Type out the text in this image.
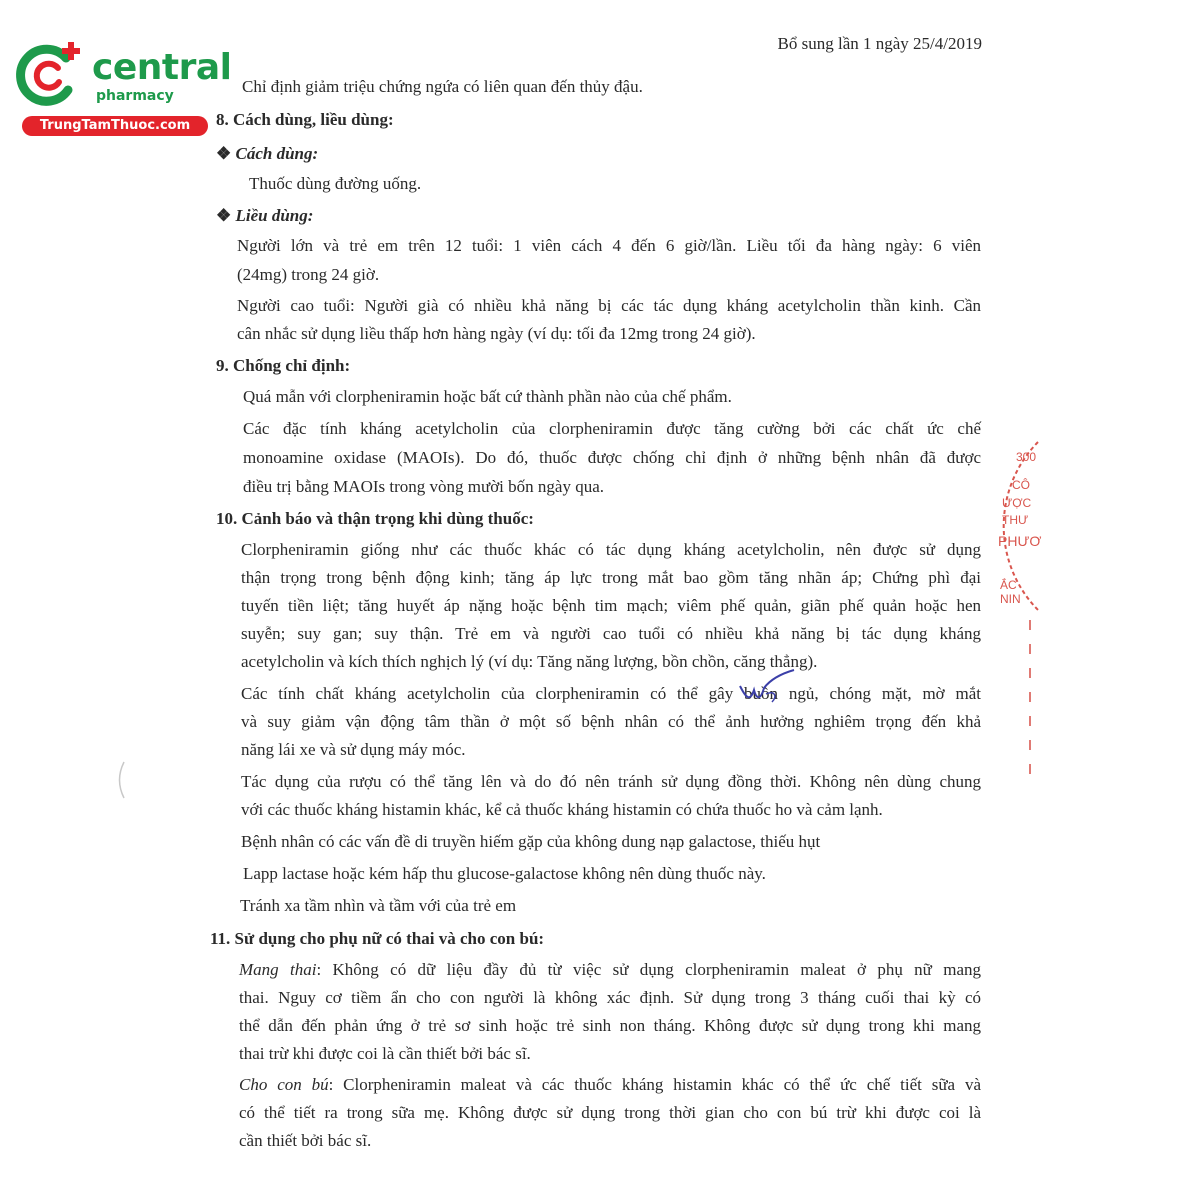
central
pharmacy
TrungTamThuoc.com
Bổ sung lần 1 ngày 25/4/2019
Chỉ định giảm triệu chứng ngứa có liên quan đến thủy đậu.
8. Cách dùng, liều dùng:
❖ Cách dùng:
Thuốc dùng đường uống.
❖ Liều dùng:
Người lớn và trẻ em trên 12 tuổi: 1 viên cách 4 đến 6 giờ/lần. Liều tối đa hàng ngày: 6 viên
(24mg) trong 24 giờ.
Người cao tuổi: Người già có nhiều khả năng bị các tác dụng kháng acetylcholin thần kinh. Cần
cân nhắc sử dụng liều thấp hơn hàng ngày (ví dụ: tối đa 12mg trong 24 giờ).
9. Chống chỉ định:
Quá mẫn với clorpheniramin hoặc bất cứ thành phần nào của chế phẩm.
Các đặc tính kháng acetylcholin của clorpheniramin được tăng cường bởi các chất ức chế
monoamine oxidase (MAOIs). Do đó, thuốc được chống chỉ định ở những bệnh nhân đã được
điều trị bằng MAOIs trong vòng mười bốn ngày qua.
10. Cảnh báo và thận trọng khi dùng thuốc:
Clorpheniramin giống như các thuốc khác có tác dụng kháng acetylcholin, nên được sử dụng
thận trọng trong bệnh động kinh; tăng áp lực trong mắt bao gồm tăng nhãn áp; Chứng phì đại
tuyến tiền liệt; tăng huyết áp nặng hoặc bệnh tim mạch; viêm phế quản, giãn phế quản hoặc hen
suyễn; suy gan; suy thận. Trẻ em và người cao tuổi có nhiều khả năng bị tác dụng kháng
acetylcholin và kích thích nghịch lý (ví dụ: Tăng năng lượng, bồn chồn, căng thẳng).
Các tính chất kháng acetylcholin của clorpheniramin có thể gây buồn ngủ, chóng mặt, mờ mắt
và suy giảm vận động tâm thần ở một số bệnh nhân có thể ảnh hưởng nghiêm trọng đến khả
năng lái xe và sử dụng máy móc.
Tác dụng của rượu có thể tăng lên và do đó nên tránh sử dụng đồng thời. Không nên dùng chung
với các thuốc kháng histamin khác, kể cả thuốc kháng histamin có chứa thuốc ho và cảm lạnh.
Bệnh nhân có các vấn đề di truyền hiếm gặp của không dung nạp galactose, thiếu hụt
Lapp lactase hoặc kém hấp thu glucose-galactose không nên dùng thuốc này.
Tránh xa tầm nhìn và tầm với của trẻ em
11. Sử dụng cho phụ nữ có thai và cho con bú:
Mang thai: Không có dữ liệu đầy đủ từ việc sử dụng clorpheniramin maleat ở phụ nữ mang
thai. Nguy cơ tiềm ẩn cho con người là không xác định. Sử dụng trong 3 tháng cuối thai kỳ có
thể dẫn đến phản ứng ở trẻ sơ sinh hoặc trẻ sinh non tháng. Không được sử dụng trong khi mang
thai trừ khi được coi là cần thiết bởi bác sĩ.
Cho con bú: Clorpheniramin maleat và các thuốc kháng histamin khác có thể ức chế tiết sữa và
có thể tiết ra trong sữa mẹ. Không được sử dụng trong thời gian cho con bú trừ khi được coi là
cần thiết bởi bác sĩ.
300
CÔ
ƯỢC
THƯ
PHƯƠ
ẮC NIN
